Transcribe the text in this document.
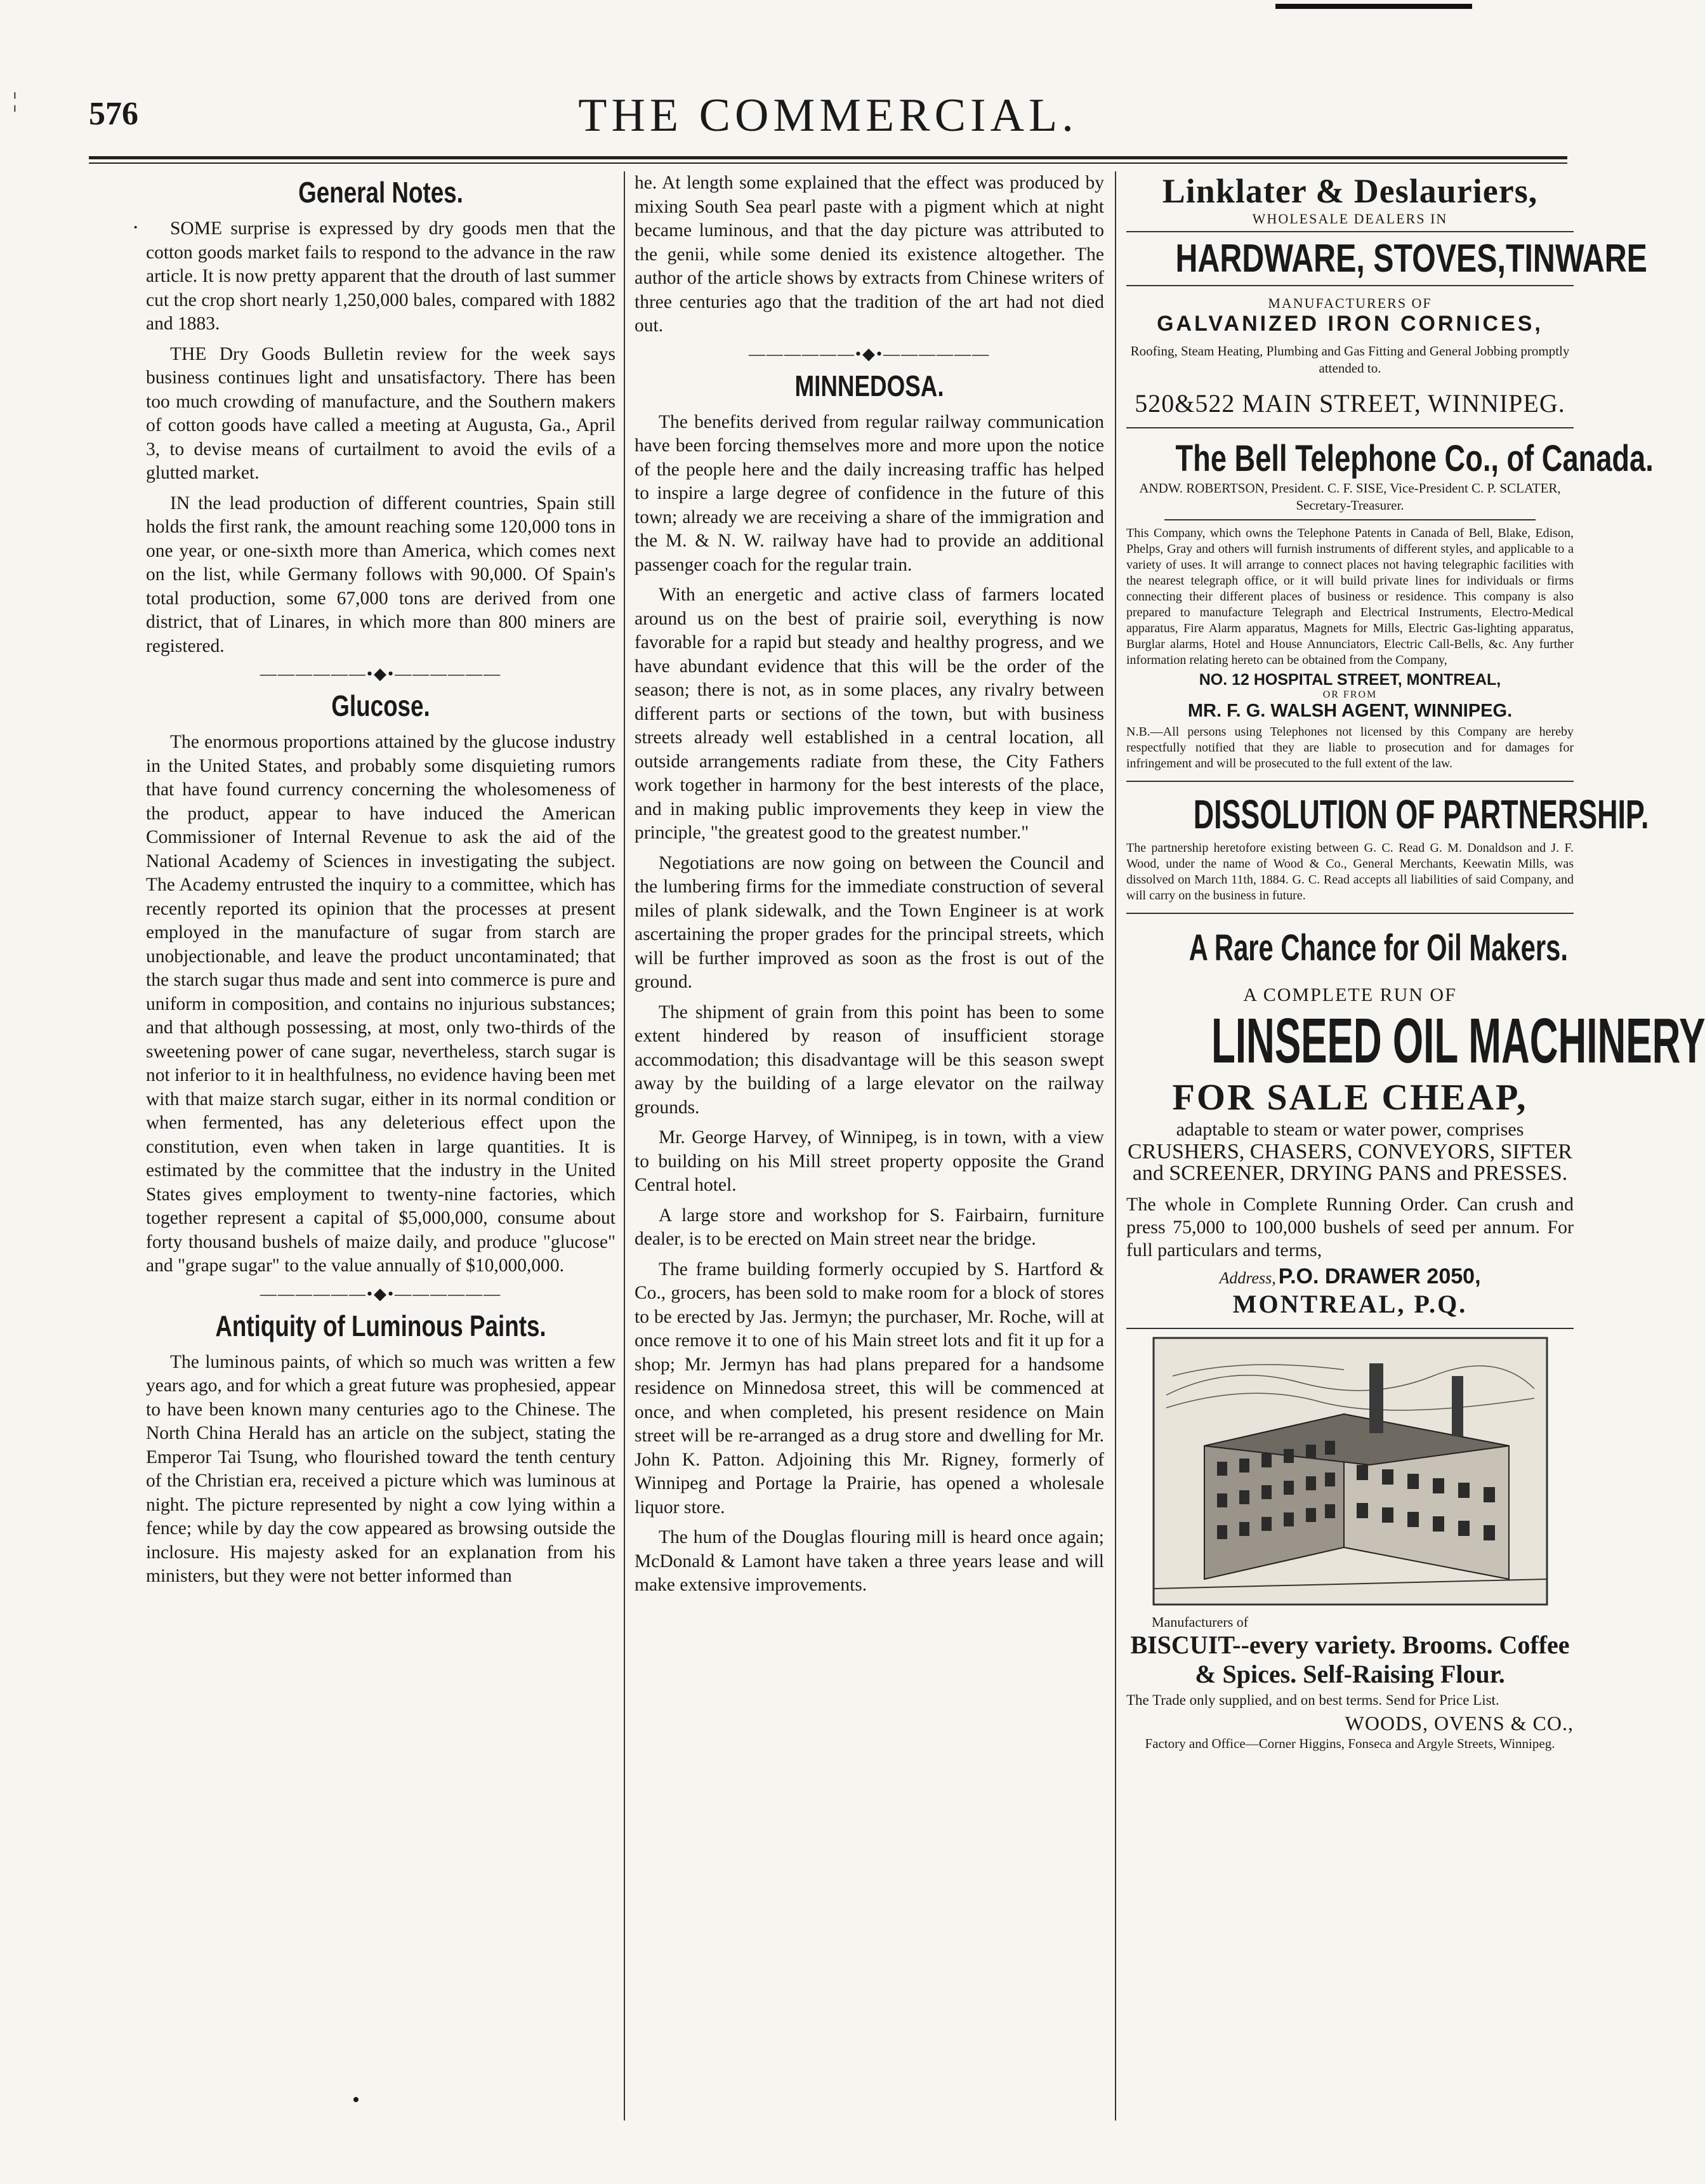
576	THE COMMERCIAL.
General Notes.

SOME surprise is expressed by dry goods men that the cotton goods market fails to respond to the advance in the raw article. It is now pretty apparent that the drouth of last summer cut the crop short nearly 1,250,000 bales, compared with 1882 and 1883.

THE Dry Goods Bulletin review for the week says business continues light and unsatisfactory. There has been too much crowding of manufacture, and the Southern makers of cotton goods have called a meeting at Augusta, Ga., April 3, to devise means of curtailment to avoid the evils of a glutted market.

IN the lead production of different countries, Spain still holds the first rank, the amount reaching some 120,000 tons in one year, or one-sixth more than America, which comes next on the list, while Germany follows with 90,000. Of Spain's total production, some 67,000 tons are derived from one district, that of Linares, in which more than 800 miners are registered.

——————•◆•——————
Glucose.

The enormous proportions attained by the glucose industry in the United States, and probably some disquieting rumors that have found currency concerning the wholesomeness of the product, appear to have induced the American Commissioner of Internal Revenue to ask the aid of the National Academy of Sciences in investigating the subject. The Academy entrusted the inquiry to a committee, which has recently reported its opinion that the processes at present employed in the manufacture of sugar from starch are unobjectionable, and leave the product uncontaminated; that the starch sugar thus made and sent into commerce is pure and uniform in composition, and contains no injurious substances; and that although possessing, at most, only two-thirds of the sweetening power of cane sugar, nevertheless, starch sugar is not inferior to it in healthfulness, no evidence having been met with that maize starch sugar, either in its normal condition or when fermented, has any deleterious effect upon the constitution, even when taken in large quantities. It is estimated by the committee that the industry in the United States gives employment to twenty-nine factories, which together represent a capital of $5,000,000, consume about forty thousand bushels of maize daily, and produce "glucose" and "grape sugar" to the value annually of $10,000,000.

——————•◆•——————
Antiquity of Luminous Paints.

The luminous paints, of which so much was written a few years ago, and for which a great future was prophesied, appear to have been known many centuries ago to the Chinese. The North China Herald has an article on the subject, stating the Emperor Tai Tsung, who flourished toward the tenth century of the Christian era, received a picture which was luminous at night. The picture represented by night a cow lying within a fence; while by day the cow appeared as browsing outside the inclosure. His majesty asked for an explanation from his ministers, but they were not better informed than

he. At length some explained that the effect was produced by mixing South Sea pearl paste with a pigment which at night became luminous, and that the day picture was attributed to the genii, while some denied its existence altogether. The author of the article shows by extracts from Chinese writers of three centuries ago that the tradition of the art had not died out.

——————•◆•——————
MINNEDOSA.

The benefits derived from regular railway communication have been forcing themselves more and more upon the notice of the people here and the daily increasing traffic has helped to inspire a large degree of confidence in the future of this town; already we are receiving a share of the immigration and the M. & N. W. railway have had to provide an additional passenger coach for the regular train.

With an energetic and active class of farmers located around us on the best of prairie soil, everything is now favorable for a rapid but steady and healthy progress, and we have abundant evidence that this will be the order of the season; there is not, as in some places, any rivalry between different parts or sections of the town, but with business streets already well established in a central location, all outside arrangements radiate from these, the City Fathers work together in harmony for the best interests of the place, and in making public improvements they keep in view the principle, "the greatest good to the greatest number."

Negotiations are now going on between the Council and the lumbering firms for the immediate construction of several miles of plank sidewalk, and the Town Engineer is at work ascertaining the proper grades for the principal streets, which will be further improved as soon as the frost is out of the ground.

The shipment of grain from this point has been to some extent hindered by reason of insufficient storage accommodation; this disadvantage will be this season swept away by the building of a large elevator on the railway grounds.

Mr. George Harvey, of Winnipeg, is in town, with a view to building on his Mill street property opposite the Grand Central hotel.

A large store and workshop for S. Fairbairn, furniture dealer, is to be erected on Main street near the bridge.

The frame building formerly occupied by S. Hartford & Co., grocers, has been sold to make room for a block of stores to be erected by Jas. Jermyn; the purchaser, Mr. Roche, will at once remove it to one of his Main street lots and fit it up for a shop; Mr. Jermyn has had plans prepared for a handsome residence on Minnedosa street, this will be commenced at once, and when completed, his present residence on Main street will be re-arranged as a drug store and dwelling for Mr. John K. Patton. Adjoining this Mr. Rigney, formerly of Winnipeg and Portage la Prairie, has opened a wholesale liquor store.

The hum of the Douglas flouring mill is heard once again; McDonald & Lamont have taken a three years lease and will make extensive improvements.

Linklater & Deslauriers,
WHOLESALE DEALERS IN
HARDWARE, STOVES,TINWARE
MANUFACTURERS OF
GALVANIZED IRON CORNICES,
Roofing, Steam Heating, Plumbing and Gas Fitting and General Jobbing promptly attended to.
520&522 MAIN STREET, WINNIPEG.
The Bell Telephone Co., of Canada.
ANDW. ROBERTSON, President. C. F. SISE, Vice-President C. P. SCLATER, Secretary-Treasurer.
This Company, which owns the Telephone Patents in Canada of Bell, Blake, Edison, Phelps, Gray and others will furnish instruments of different styles, and applicable to a variety of uses. It will arrange to connect places not having telegraphic facilities with the nearest telegraph office, or it will build private lines for individuals or firms connecting their different places of business or residence. This company is also prepared to manufacture Telegraph and Electrical Instruments, Electro-Medical apparatus, Fire Alarm apparatus, Magnets for Mills, Electric Gas-lighting apparatus, Burglar alarms, Hotel and House Annunciators, Electric Call-Bells, &c. Any further information relating hereto can be obtained from the Company,
NO. 12 HOSPITAL STREET, MONTREAL,
OR FROM
MR. F. G. WALSH AGENT, WINNIPEG.
N.B.—All persons using Telephones not licensed by this Company are hereby respectfully notified that they are liable to prosecution and for damages for infringement and will be prosecuted to the full extent of the law.
DISSOLUTION OF PARTNERSHIP.
The partnership heretofore existing between G. C. Read G. M. Donaldson and J. F. Wood, under the name of Wood & Co., General Merchants, Keewatin Mills, was dissolved on March 11th, 1884. G. C. Read accepts all liabilities of said Company, and will carry on the business in future.
A Rare Chance for Oil Makers.
A COMPLETE RUN OF
LINSEED OIL MACHINERY
FOR SALE CHEAP,
adaptable to steam or water power, comprises
CRUSHERS, CHASERS, CONVEYORS, SIFTER and SCREENER, DRYING PANS and PRESSES.
The whole in Complete Running Order. Can crush and press 75,000 to 100,000 bushels of seed per annum. For full particulars and terms,
Address, P.O. DRAWER 2050,
MONTREAL, P.Q.
Manufacturers of
BISCUIT--every variety. Brooms. Coffee & Spices. Self-Raising Flour.
The Trade only supplied, and on best terms. Send for Price List.
WOODS, OVENS & CO.,
Factory and Office—Corner Higgins, Fonseca and Argyle Streets, Winnipeg.
¦
·
•
